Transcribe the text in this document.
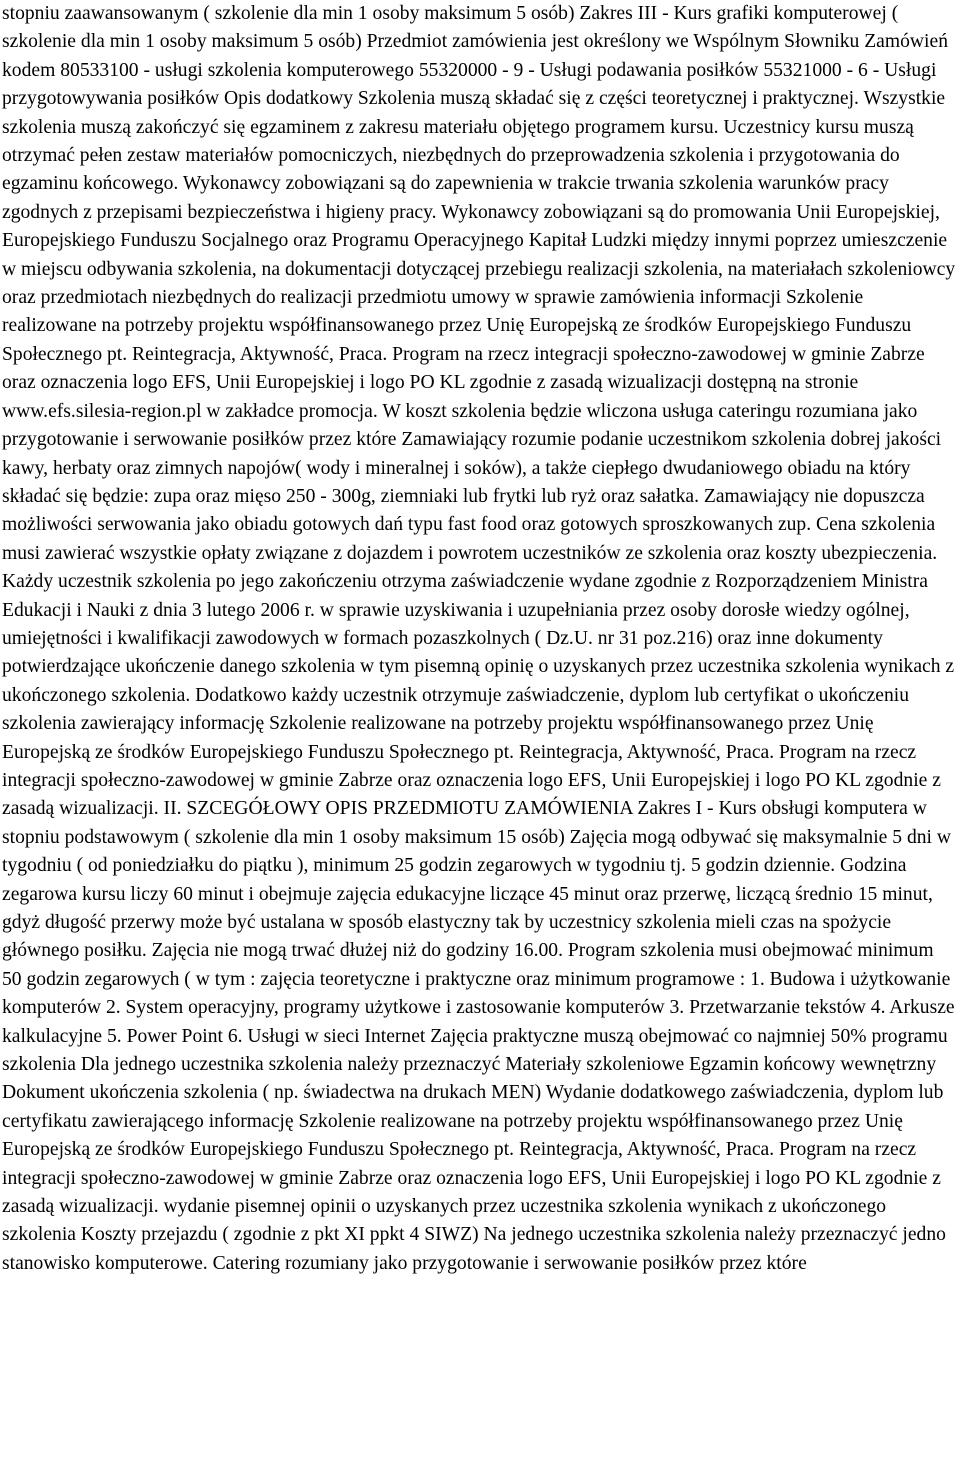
stopniu zaawansowanym ( szkolenie dla min 1 osoby maksimum 5 osób) Zakres III - Kurs grafiki komputerowej ( szkolenie dla min 1 osoby maksimum 5 osób) Przedmiot zamówienia jest określony we Wspólnym Słowniku Zamówień kodem 80533100 - usługi szkolenia komputerowego 55320000 - 9 - Usługi podawania posiłków 55321000 - 6 - Usługi przygotowywania posiłków Opis dodatkowy Szkolenia muszą składać się z części teoretycznej i praktycznej. Wszystkie szkolenia muszą zakończyć się egzaminem z zakresu materiału objętego programem kursu. Uczestnicy kursu muszą otrzymać pełen zestaw materiałów pomocniczych, niezbędnych do przeprowadzenia szkolenia i przygotowania do egzaminu końcowego. Wykonawcy zobowiązani są do zapewnienia w trakcie trwania szkolenia warunków pracy zgodnych z przepisami bezpieczeństwa i higieny pracy. Wykonawcy zobowiązani są do promowania Unii Europejskiej, Europejskiego Funduszu Socjalnego oraz Programu Operacyjnego Kapitał Ludzki między innymi poprzez umieszczenie w miejscu odbywania szkolenia, na dokumentacji dotyczącej przebiegu realizacji szkolenia, na materiałach szkoleniowcy oraz przedmiotach niezbędnych do realizacji przedmiotu umowy w sprawie zamówienia informacji Szkolenie realizowane na potrzeby projektu współfinansowanego przez Unię Europejską ze środków Europejskiego Funduszu Społecznego pt. Reintegracja, Aktywność, Praca. Program na rzecz integracji społeczno-zawodowej w gminie Zabrze oraz oznaczenia logo EFS, Unii Europejskiej i logo PO KL zgodnie z zasadą wizualizacji dostępną na stronie www.efs.silesia-region.pl w zakładce promocja. W koszt szkolenia będzie wliczona usługa cateringu rozumiana jako przygotowanie i serwowanie posiłków przez które Zamawiający rozumie podanie uczestnikom szkolenia dobrej jakości kawy, herbaty oraz zimnych napojów( wody i mineralnej i soków), a także ciepłego dwudaniowego obiadu na który składać się będzie: zupa oraz mięso 250 - 300g, ziemniaki lub frytki lub ryż oraz sałatka. Zamawiający nie dopuszcza możliwości serwowania jako obiadu gotowych dań typu fast food oraz gotowych sproszkowanych zup. Cena szkolenia musi zawierać wszystkie opłaty związane z dojazdem i powrotem uczestników ze szkolenia oraz koszty ubezpieczenia. Każdy uczestnik szkolenia po jego zakończeniu otrzyma zaświadczenie wydane zgodnie z Rozporządzeniem Ministra Edukacji i Nauki z dnia 3 lutego 2006 r. w sprawie uzyskiwania i uzupełniania przez osoby dorosłe wiedzy ogólnej, umiejętności i kwalifikacji zawodowych w formach pozaszkolnych ( Dz.U. nr 31 poz.216) oraz inne dokumenty potwierdzające ukończenie danego szkolenia w tym pisemną opinię o uzyskanych przez uczestnika szkolenia wynikach z ukończonego szkolenia. Dodatkowo każdy uczestnik otrzymuje zaświadczenie, dyplom lub certyfikat o ukończeniu szkolenia zawierający informację Szkolenie realizowane na potrzeby projektu współfinansowanego przez Unię Europejską ze środków Europejskiego Funduszu Społecznego pt. Reintegracja, Aktywność, Praca. Program na rzecz integracji społeczno-zawodowej w gminie Zabrze oraz oznaczenia logo EFS, Unii Europejskiej i logo PO KL zgodnie z zasadą wizualizacji. II. SZCEGÓŁOWY OPIS PRZEDMIOTU ZAMÓWIENIA Zakres I - Kurs obsługi komputera w stopniu podstawowym ( szkolenie dla min 1 osoby maksimum 15 osób) Zajęcia mogą odbywać się maksymalnie 5 dni w tygodniu ( od poniedziałku do piątku ), minimum 25 godzin zegarowych w tygodniu tj. 5 godzin dziennie. Godzina zegarowa kursu liczy 60 minut i obejmuje zajęcia edukacyjne liczące 45 minut oraz przerwę, liczącą średnio 15 minut, gdyż długość przerwy może być ustalana w sposób elastyczny tak by uczestnicy szkolenia mieli czas na spożycie głównego posiłku. Zajęcia nie mogą trwać dłużej niż do godziny 16.00. Program szkolenia musi obejmować minimum 50 godzin zegarowych ( w tym : zajęcia teoretyczne i praktyczne oraz minimum programowe : 1. Budowa i użytkowanie komputerów 2. System operacyjny, programy użytkowe i zastosowanie komputerów 3. Przetwarzanie tekstów 4. Arkusze kalkulacyjne 5. Power Point 6. Usługi w sieci Internet Zajęcia praktyczne muszą obejmować co najmniej 50% programu szkolenia Dla jednego uczestnika szkolenia należy przeznaczyć Materiały szkoleniowe Egzamin końcowy wewnętrzny Dokument ukończenia szkolenia ( np. świadectwa na drukach MEN) Wydanie dodatkowego zaświadczenia, dyplom lub certyfikatu zawierającego informację Szkolenie realizowane na potrzeby projektu współfinansowanego przez Unię Europejską ze środków Europejskiego Funduszu Społecznego pt. Reintegracja, Aktywność, Praca. Program na rzecz integracji społeczno-zawodowej w gminie Zabrze oraz oznaczenia logo EFS, Unii Europejskiej i logo PO KL zgodnie z zasadą wizualizacji. wydanie pisemnej opinii o uzyskanych przez uczestnika szkolenia wynikach z ukończonego szkolenia Koszty przejazdu ( zgodnie z pkt XI ppkt 4 SIWZ) Na jednego uczestnika szkolenia należy przeznaczyć jedno stanowisko komputerowe. Catering rozumiany jako przygotowanie i serwowanie posiłków przez które
